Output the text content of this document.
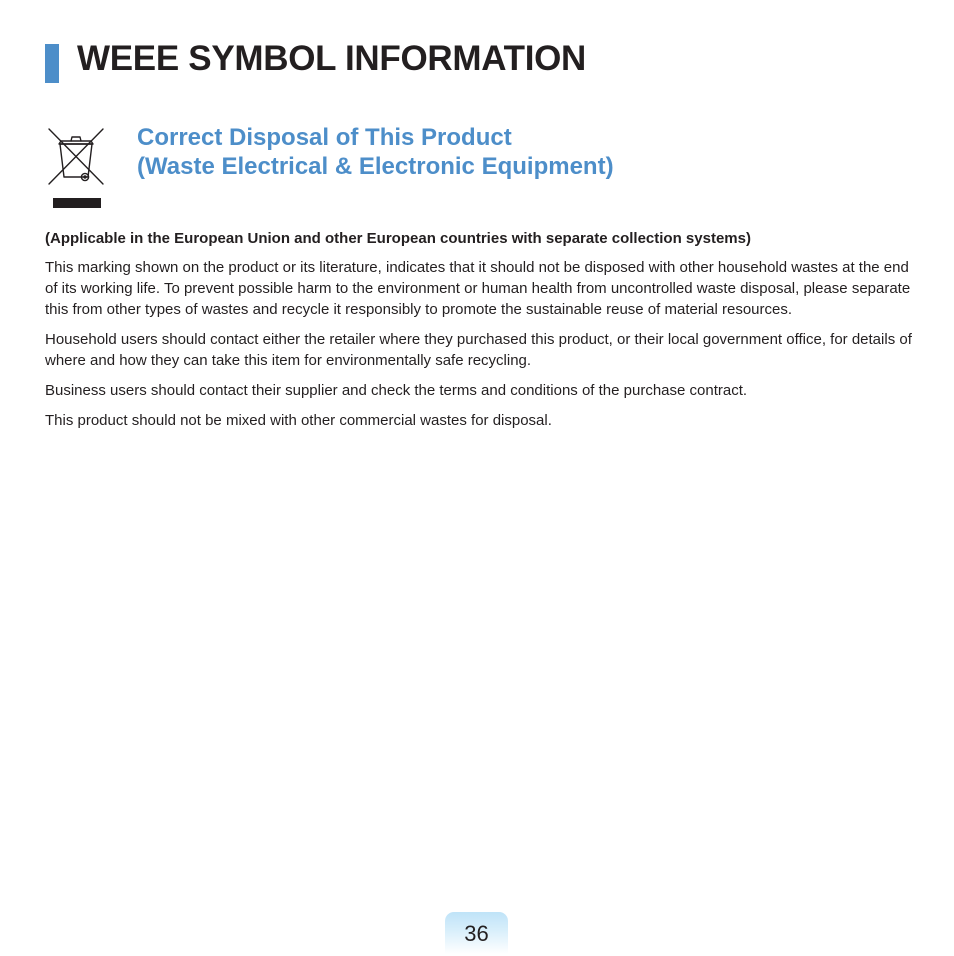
WEEE SYMBOL INFORMATION
Correct Disposal of This Product
(Waste Electrical & Electronic Equipment)

(Applicable in the European Union and other European countries with separate collection systems)

This marking shown on the product or its literature, indicates that it should not be disposed with other household wastes at the end of its working life. To prevent possible harm to the environment or human health from uncontrolled waste disposal, please separate this from other types of wastes and recycle it responsibly to promote the sustainable reuse of material resources.

Household users should contact either the retailer where they purchased this product, or their local government office, for details of where and how they can take this item for environmentally safe recycling.

Business users should contact their supplier and check the terms and conditions of the purchase contract.

This product should not be mixed with other commercial wastes for disposal.

36
